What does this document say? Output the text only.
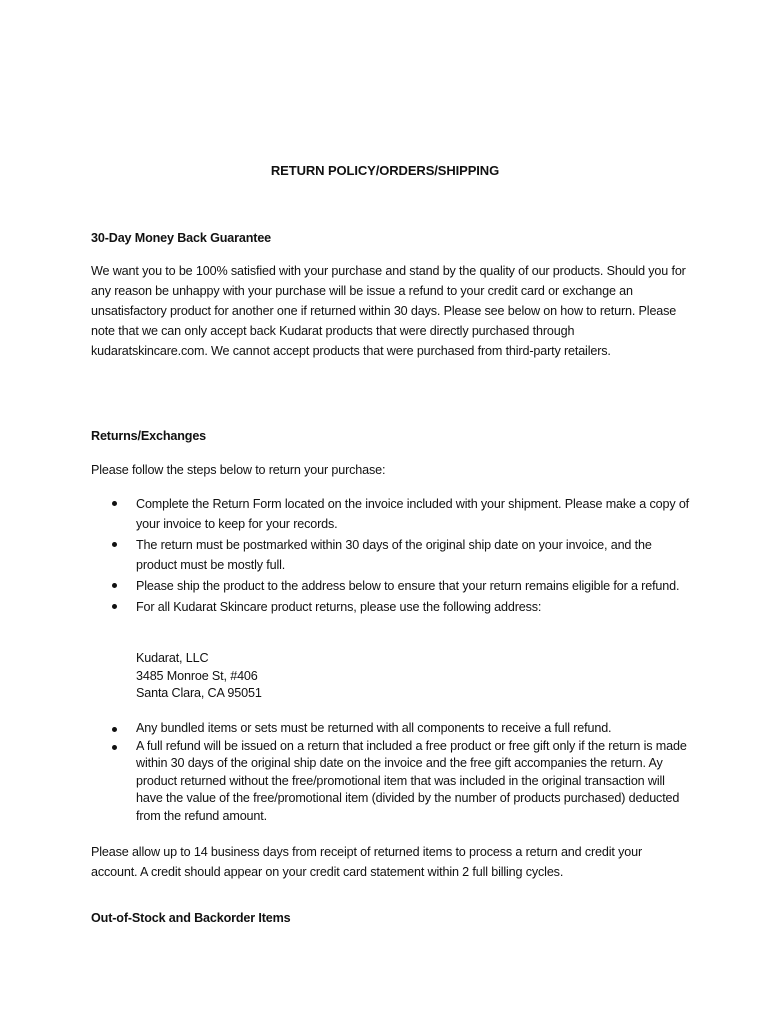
RETURN POLICY/ORDERS/SHIPPING
30-Day Money Back Guarantee

We want you to be 100% satisfied with your purchase and stand by the quality of our products. Should you for any reason be unhappy with your purchase will be issue a refund to your credit card or exchange an unsatisfactory product for another one if returned within 30 days. Please see below on how to return. Please note that we can only accept back Kudarat products that were directly purchased through kudaratskincare.com. We cannot accept products that were purchased from third-party retailers.

Returns/Exchanges

Please follow the steps below to return your purchase:

Complete the Return Form located on the invoice included with your shipment. Please make a copy of your invoice to keep for your records.
The return must be postmarked within 30 days of the original ship date on your invoice, and the product must be mostly full.
Please ship the product to the address below to ensure that your return remains eligible for a refund.
For all Kudarat Skincare product returns, please use the following address:
Kudarat, LLC
3485 Monroe St, #406
Santa Clara, CA 95051
Any bundled items or sets must be returned with all components to receive a full refund.
A full refund will be issued on a return that included a free product or free gift only if the return is made within 30 days of the original ship date on the invoice and the free gift accompanies the return. Ay product returned without the free/promotional item that was included in the original transaction will have the value of the free/promotional item (divided by the number of products purchased) deducted from the refund amount.

Please allow up to 14 business days from receipt of returned items to process a return and credit your account. A credit should appear on your credit card statement within 2 full billing cycles.

Out-of-Stock and Backorder Items
